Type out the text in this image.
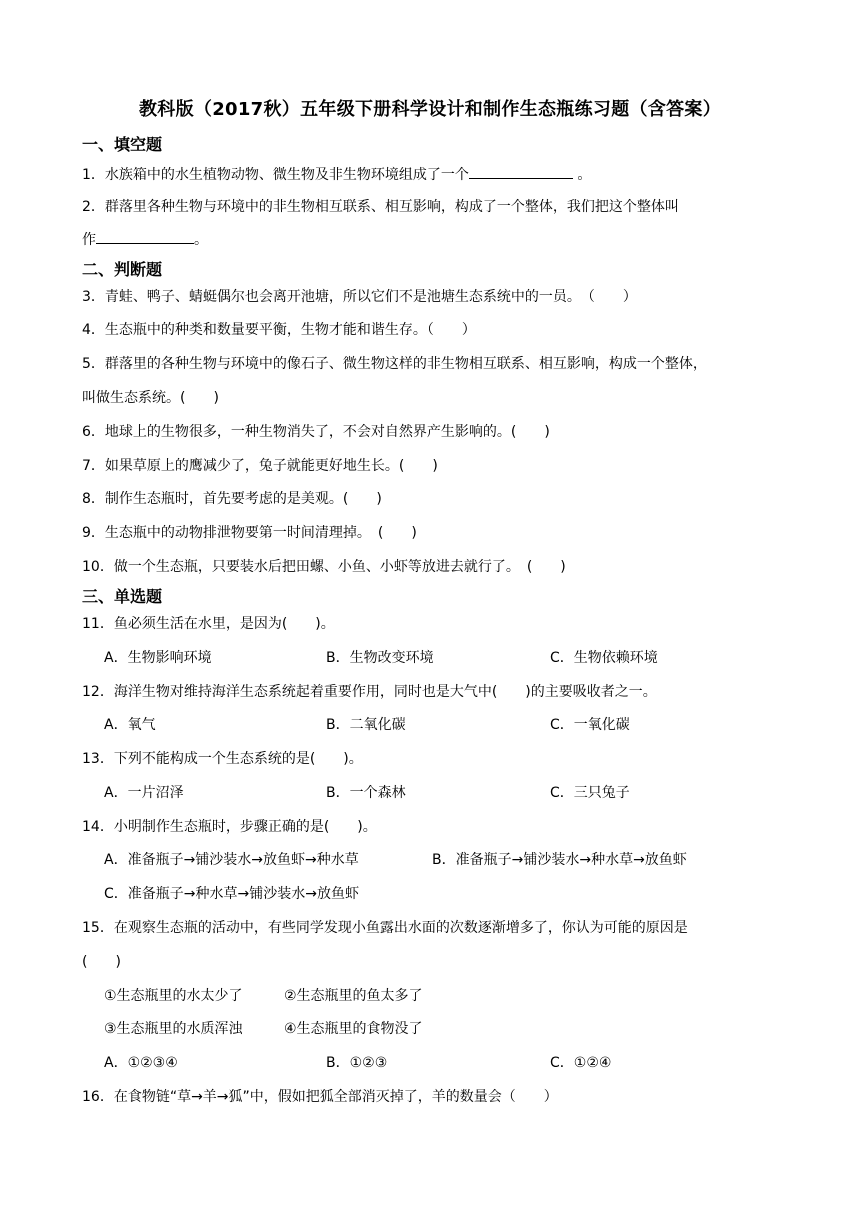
教科版（2017秋）五年级下册科学设计和制作生态瓶练习题（含答案）
一、填空题
1．水族箱中的水生植物动物、微生物及非生物环境组成了一个	。
2．群落里各种生物与环境中的非生物相互联系、相互影响，构成了一个整体，我们把这个整体叫
作	。
二、判断题
3．青蛙、鸭子、蜻蜓偶尔也会离开池塘，所以它们不是池塘生态系统中的一员。　（　　）
4．生态瓶中的种类和数量要平衡，生物才能和谐生存。（　　）
5．群落里的各种生物与环境中的像石子、微生物这样的非生物相互联系、相互影响，构成一个整体，
叫做生态系统。(　　)
6．地球上的生物很多，一种生物消失了，不会对自然界产生影响的。(　　)
7．如果草原上的鹰减少了，兔子就能更好地生长。(　　)
8．制作生态瓶时，首先要考虑的是美观。(　　)
9．生态瓶中的动物排泄物要第一时间清理掉。　(　　)
10．做一个生态瓶，只要装水后把田螺、小鱼、小虾等放进去就行了。　(　　)
三、单选题
11．鱼必须生活在水里，是因为(　　)。
A．生物影响环境	B．生物改变环境	C．生物依赖环境
12．海洋生物对维持海洋生态系统起着重要作用，同时也是大气中(　　)的主要吸收者之一。
A．氧气	B．二氧化碳	C．一氧化碳
13．下列不能构成一个生态系统的是(　　)。
A．一片沼泽	B．一个森林	C．三只兔子
14．小明制作生态瓶时，步骤正确的是(　　)。
A．准备瓶子→铺沙装水→放鱼虾→种水草	B．准备瓶子→铺沙装水→种水草→放鱼虾
C．准备瓶子→种水草→铺沙装水→放鱼虾
15．在观察生态瓶的活动中，有些同学发现小鱼露出水面的次数逐渐增多了，你认为可能的原因是
(　　)
①生态瓶里的水太少了	②生态瓶里的鱼太多了
③生态瓶里的水质浑浊	④生态瓶里的食物没了
A．①②③④	B．①②③	C．①②④
16．在食物链“草→羊→狐”中，假如把狐全部消灭掉了，羊的数量会（　　）
